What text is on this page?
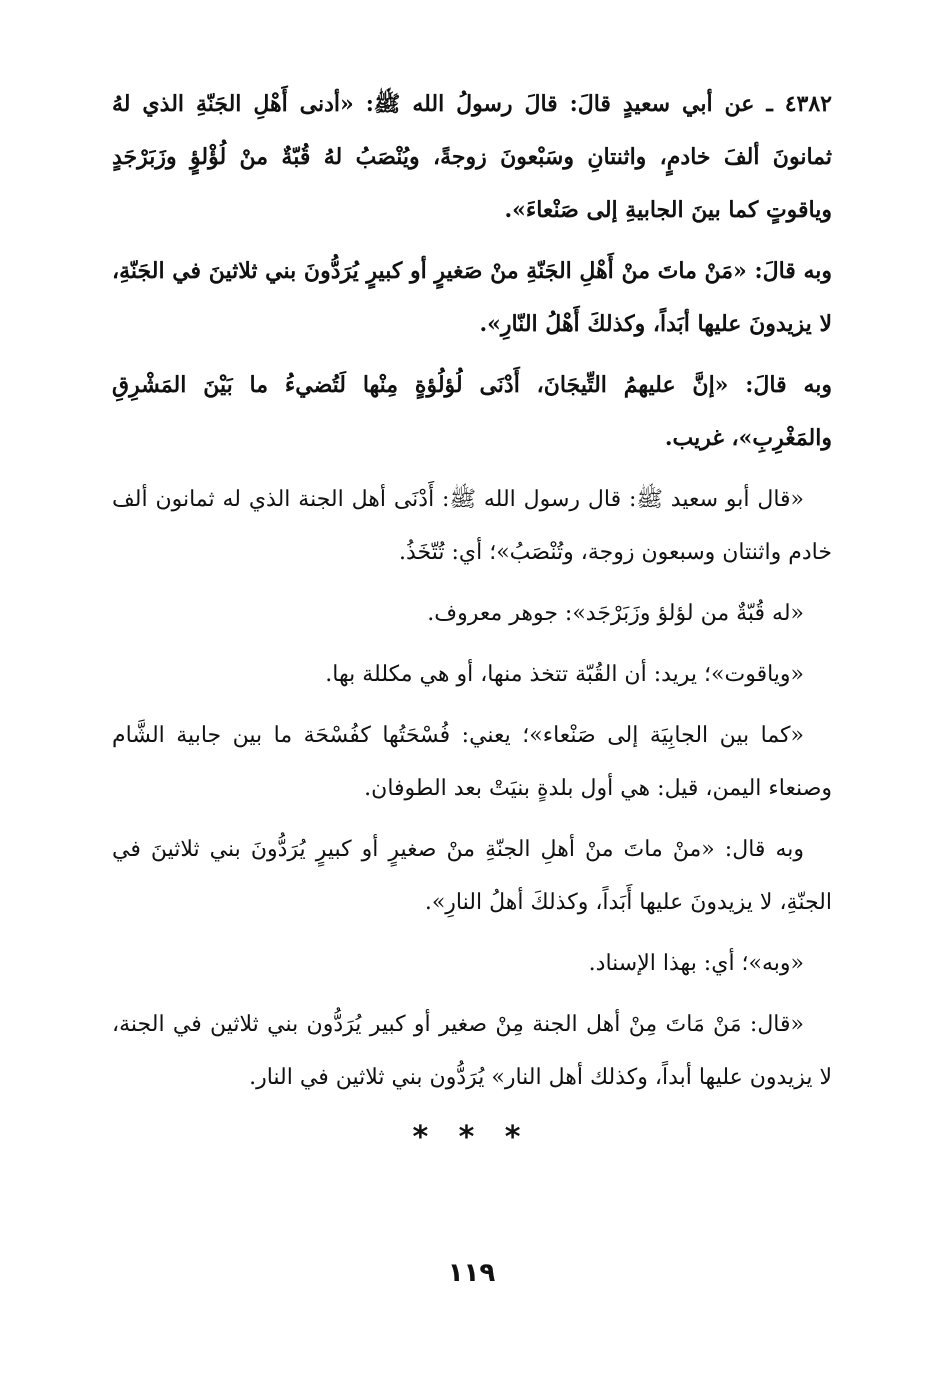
٤٣٨٢ ـ عن أبي سعيدٍ قالَ: قالَ رسولُ الله ﷺ: «أدنى أَهْلِ الجَنّةِ الذي لهُ ثمانونَ ألفَ خادمٍ، واثنتانِ وسَبْعونَ زوجةً، ويُنْصَبُ لهُ قُبّةٌ منْ لُؤْلؤٍ وزَبَرْجَدٍ وياقوتٍ كما بينَ الجابيةِ إلى صَنْعاءَ».

وبه قالَ: «مَنْ ماتَ منْ أَهْلِ الجَنّةِ منْ صَغيرٍ أو كبيرٍ يُرَدُّونَ بني ثلاثينَ في الجَنّةِ، لا يزيدونَ عليها أبَداً، وكذلكَ أَهْلُ النّارِ».

وبه قالَ: «إنَّ عليهمُ التِّيجَانَ، أَدْنَى لُؤلُؤةٍ مِنْها لَتُضيءُ ما بَيْنَ المَشْرِقِ والمَغْرِبِ»، غريب.

«قال أبو سعيد ﷺ: قال رسول الله ﷺ: أَدْنَى أهل الجنة الذي له ثمانون ألف خادم واثنتان وسبعون زوجة، وتُنْصَبُ»؛ أي: تُتّخَذُ.

«له قُبّةٌ من لؤلؤ وزَبَرْجَد»: جوهر معروف.

«وياقوت»؛ يريد: أن القُبّة تتخذ منها، أو هي مكللة بها.

«كما بين الجابِيَة إلى صَنْعاء»؛ يعني: فُسْحَتُها كفُسْحَة ما بين جابية الشَّام وصنعاء اليمن، قيل: هي أول بلدةٍ بنيَتْ بعد الطوفان.

وبه قال: «منْ ماتَ منْ أهلِ الجنّةِ منْ صغيرٍ أو كبيرٍ يُرَدُّونَ بني ثلاثينَ في الجنّةِ، لا يزيدونَ عليها أَبَداً، وكذلكَ أهلُ النارِ».

«وبه»؛ أي: بهذا الإسناد.

«قال: مَنْ مَاتَ مِنْ أهل الجنة مِنْ صغير أو كبير يُرَدُّون بني ثلاثين في الجنة، لا يزيدون عليها أبداً، وكذلك أهل النار» يُرَدُّون بني ثلاثين في النار.

* * *
١١٩
